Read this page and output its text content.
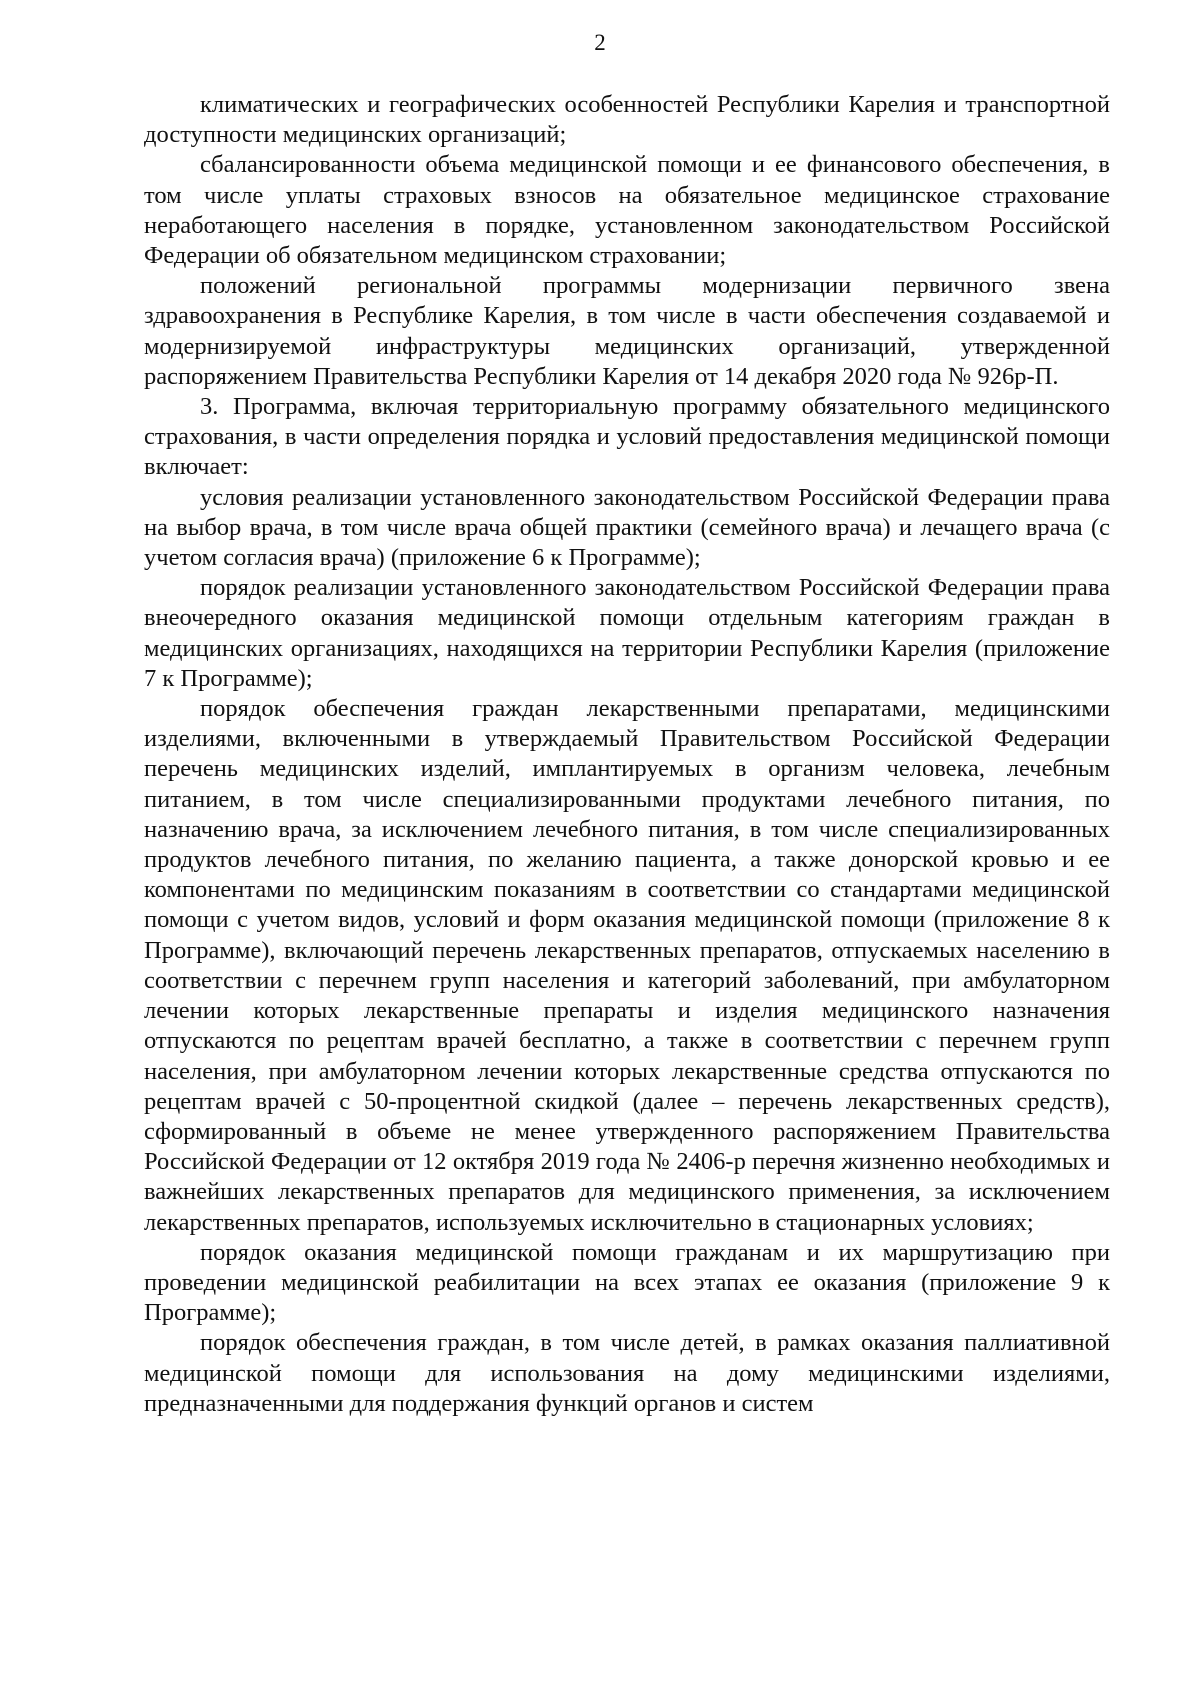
2

климатических и географических особенностей Республики Карелия и транспортной доступности медицинских организаций;

сбалансированности объема медицинской помощи и ее финансового обеспечения, в том числе уплаты страховых взносов на обязательное медицинское страхование неработающего населения в порядке, установленном законодательством Российской Федерации об обязательном медицинском страховании;

положений региональной программы модернизации первичного звена здравоохранения в Республике Карелия, в том числе в части обеспечения создаваемой и модернизируемой инфраструктуры медицинских организаций, утвержденной распоряжением Правительства Республики Карелия от 14 декабря 2020 года № 926р-П.

3. Программа, включая территориальную программу обязательного медицинского страхования, в части определения порядка и условий предоставления медицинской помощи включает:

условия реализации установленного законодательством Российской Федерации права на выбор врача, в том числе врача общей практики (семейного врача) и лечащего врача (с учетом согласия врача) (приложение 6 к Программе);

порядок реализации установленного законодательством Российской Федерации права внеочередного оказания медицинской помощи отдельным категориям граждан в медицинских организациях, находящихся на территории Республики Карелия (приложение 7 к Программе);

порядок обеспечения граждан лекарственными препаратами, медицинскими изделиями, включенными в утверждаемый Правительством Российской Федерации перечень медицинских изделий, имплантируемых в организм человека, лечебным питанием, в том числе специализированными продуктами лечебного питания, по назначению врача, за исключением лечебного питания, в том числе специализированных продуктов лечебного питания, по желанию пациента, а также донорской кровью и ее компонентами по медицинским показаниям в соответствии со стандартами медицинской помощи с учетом видов, условий и форм оказания медицинской помощи (приложение 8 к Программе), включающий перечень лекарственных препаратов, отпускаемых населению в соответствии с перечнем групп населения и категорий заболеваний, при амбулаторном лечении которых лекарственные препараты и изделия медицинского назначения отпускаются по рецептам врачей бесплатно, а также в соответствии с перечнем групп населения, при амбулаторном лечении которых лекарственные средства отпускаются по рецептам врачей с 50-процентной скидкой (далее – перечень лекарственных средств), сформированный в объеме не менее утвержденного распоряжением Правительства Российской Федерации от 12 октября 2019 года № 2406-р перечня жизненно необходимых и важнейших лекарственных препаратов для медицинского применения, за исключением лекарственных препаратов, используемых исключительно в стационарных условиях;

порядок оказания медицинской помощи гражданам и их маршрутизацию при проведении медицинской реабилитации на всех этапах ее оказания (приложение 9 к Программе);

порядок обеспечения граждан, в том числе детей, в рамках оказания паллиативной медицинской помощи для использования на дому медицинскими изделиями, предназначенными для поддержания функций органов и систем
